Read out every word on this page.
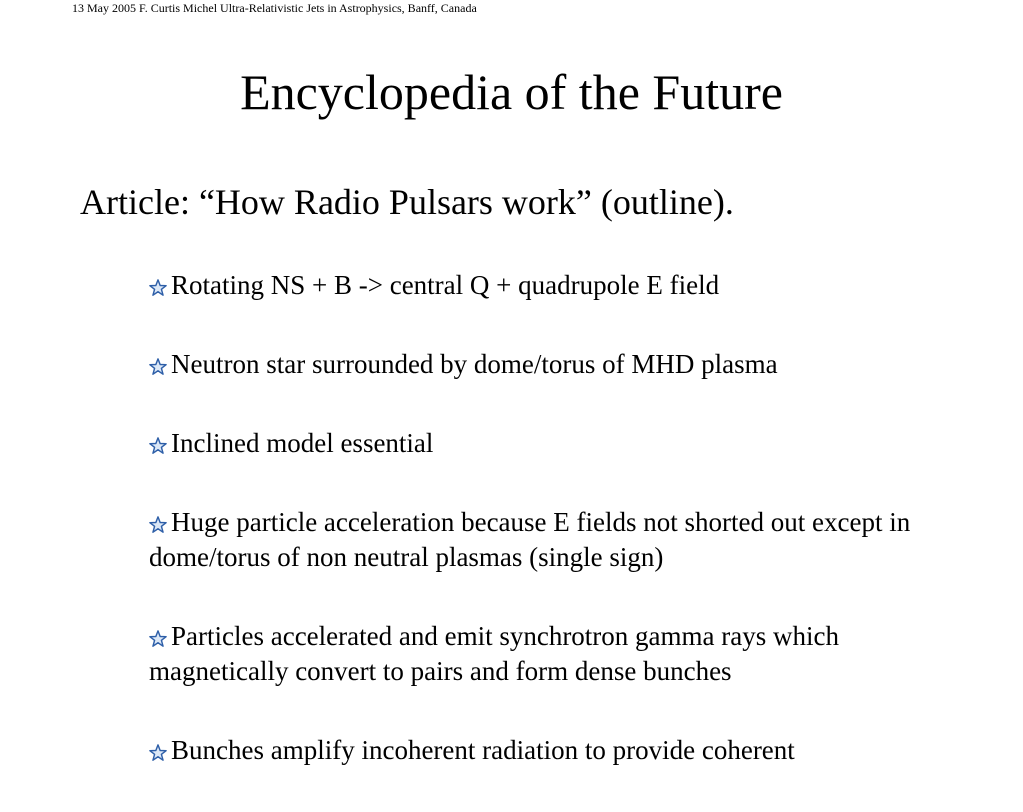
13 May 2005 F. Curtis Michel Ultra-Relativistic Jets in Astrophysics, Banff, Canada
Encyclopedia of the Future
Article: “How Radio Pulsars work” (outline).
Rotating NS + B -> central Q + quadrupole E field
Neutron star surrounded by dome/torus of MHD plasma
Inclined model essential
Huge particle acceleration because E fields not shorted out except in dome/torus of non neutral plasmas (single sign)
Particles accelerated and emit synchrotron gamma rays which magnetically convert to pairs and form dense bunches
Bunches amplify incoherent radiation to provide coherent
